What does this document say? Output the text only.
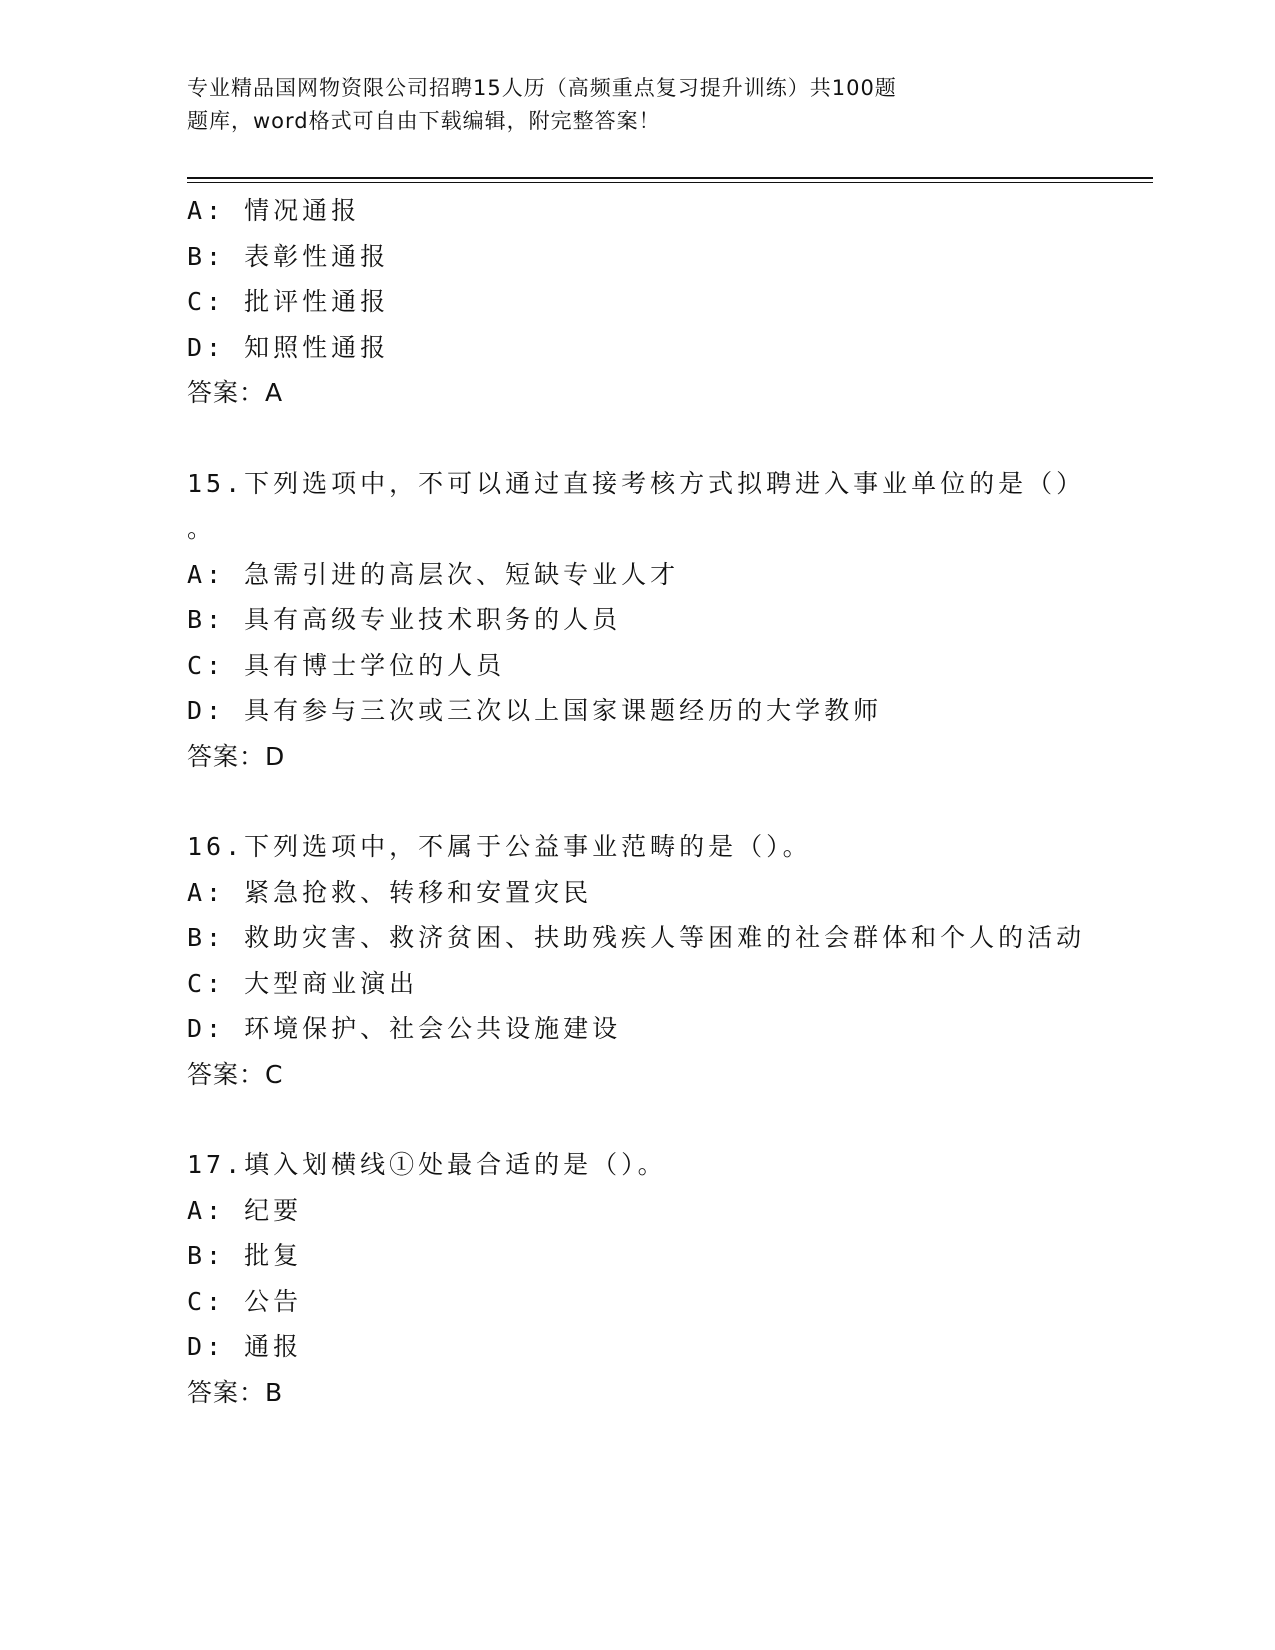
专业精品国网物资限公司招聘15人历（高频重点复习提升训练）共100题
题库，word格式可自由下载编辑，附完整答案！
A: 情况通报
B: 表彰性通报
C: 批评性通报
D: 知照性通报
答案：A
15.下列选项中，不可以通过直接考核方式拟聘进入事业单位的是（）
。
A: 急需引进的高层次、短缺专业人才
B: 具有高级专业技术职务的人员
C: 具有博士学位的人员
D: 具有参与三次或三次以上国家课题经历的大学教师
答案：D
16.下列选项中，不属于公益事业范畴的是（）。
A: 紧急抢救、转移和安置灾民
B: 救助灾害、救济贫困、扶助残疾人等困难的社会群体和个人的活动
C: 大型商业演出
D: 环境保护、社会公共设施建设
答案：C
17.填入划横线①处最合适的是（）。
A: 纪要
B: 批复
C: 公告
D: 通报
答案：B
